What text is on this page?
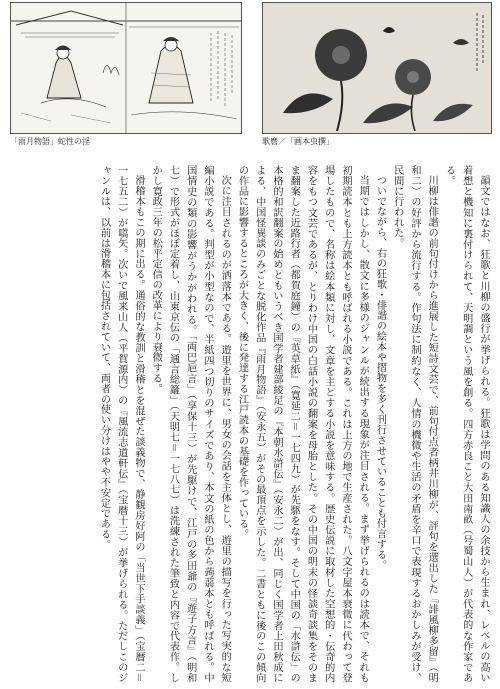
「雨月物語」蛇性の淫	歌麿／「画本虫撰」

韻文ではなお、狂歌と川柳の盛行が挙げられる。狂歌は学問のある知識人の余技から生まれ、レベルの高い着想と機知に裏付けられて、天明調という風を創る。四方赤良こと大田南畝（号蜀山人）が代表的な作家である。

川柳は俳諧の前句付けから進展した短詩文芸で、前句付点者柄井川柳が、評句を選出した『誹風柳多留』（明和二）の好評から流行する。作句法に制約なく、人情の機微や生活の矛盾を辛口で表現するおかしみが受け、民間に行われた。

ついでながら、右の狂歌・俳諧の絵本や摺物を多く刊行させていることも付言する。

当期ではしかし、散文に多様のジャンルが続出する現象が注目される。まず挙げられるのは読本で、それも初期読本とも上方読本とも呼ばれる小説である。これは上方の地で生産された。八文字屋本衰微に代わって登場したもので、名称は絵本類に対し、文章を主とする小説を意味する。歴史伝説に取材した空想的・伝奇的内容をもつ文芸であるが、とりわけ中国の白話小説の翻案を母胎とした。その中国の明末の怪談奇談集をそのまま翻案した近路行者（都賀庭鐘）の『英草紙』（寛延二＝一七四九）が先駆をなす。そして中国の「水滸伝」の本格的和訳翻案の始めともいうべき国学者建部綾足の『本朝水滸伝』（安永二）が出、同じく国学者上田秋成による、中国怪異談のみごとな脱化作品『雨月物語』（安永五）がその最頂点を示した。二書ともに後のこの傾向の作品に影響するところが大きく、後に発達する江戸読本の基礎を作っている。

次に注目されるのが洒落本である。遊里を世界に、男女の会話を主体とし、遊里の描写を行った写実的な短編小説である。判型が小型なので、半紙四つ切りのサイズであり、本文の紙の色から蒟蒻本とも呼ばれる。中国情史の類の影響がうかがわれる。「両巴巵言」（享保十三）が先駆けで、江戸の多田爺の『遊子方言』（明和七）で形式がほぼ定着し、山東京伝の「通言総籬」（天明七＝一七八七）は洗練された筆致と内容で代表作。しかし寛政三年の松平定信の改革により衰微する。

滑稽本もこの期に出る。通俗的な教訓と滑稽とを混ぜた談義物で、静観房好阿の「当世下手談義」（宝暦二＝一七五二）が嚆矢。次いで風来山人（平賀源内）の『風流志道軒伝』（宝暦十三）が挙げられる。ただしこのジャンルは、以前は滑稽本に包括されていて、両者の使い分けはやや不安定である。
